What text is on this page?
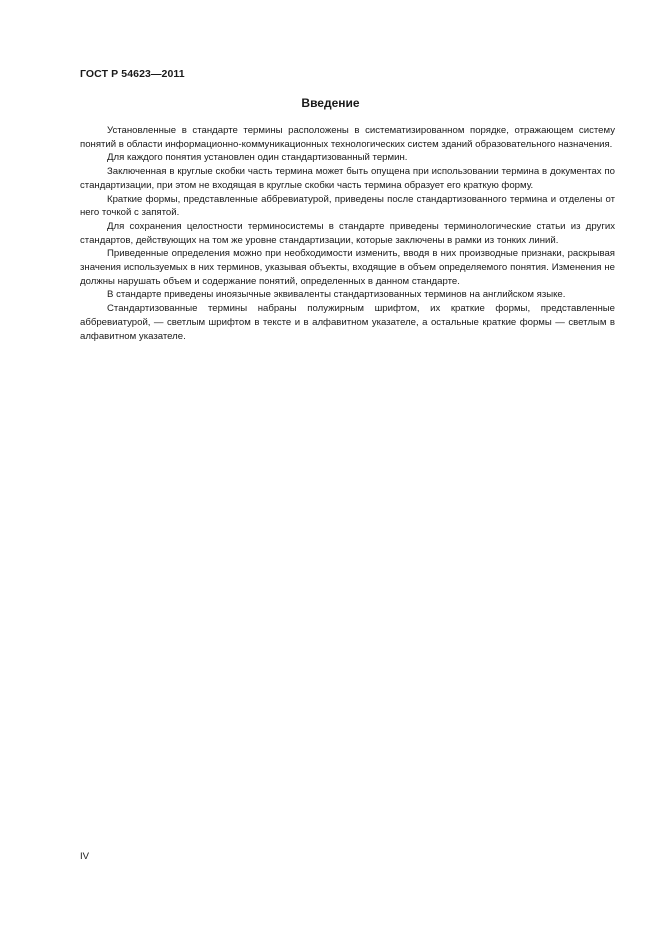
ГОСТ Р 54623—2011
Введение

Установленные в стандарте термины расположены в систематизированном порядке, отражающем систему понятий в области информационно-коммуникационных технологических систем зданий образовательного назначения.

Для каждого понятия установлен один стандартизованный термин.

Заключенная в круглые скобки часть термина может быть опущена при использовании термина в документах по стандартизации, при этом не входящая в круглые скобки часть термина образует его краткую форму.

Краткие формы, представленные аббревиатурой, приведены после стандартизованного термина и отделены от него точкой с запятой.

Для сохранения целостности терминосистемы в стандарте приведены терминологические статьи из других стандартов, действующих на том же уровне стандартизации, которые заключены в рамки из тонких линий.

Приведенные определения можно при необходимости изменить, вводя в них производные признаки, раскрывая значения используемых в них терминов, указывая объекты, входящие в объем определяемого понятия. Изменения не должны нарушать объем и содержание понятий, определенных в данном стандарте.

В стандарте приведены иноязычные эквиваленты стандартизованных терминов на английском языке.

Стандартизованные термины набраны полужирным шрифтом, их краткие формы, представленные аббревиатурой, — светлым шрифтом в тексте и в алфавитном указателе, а остальные краткие формы — светлым в алфавитном указателе.

IV
